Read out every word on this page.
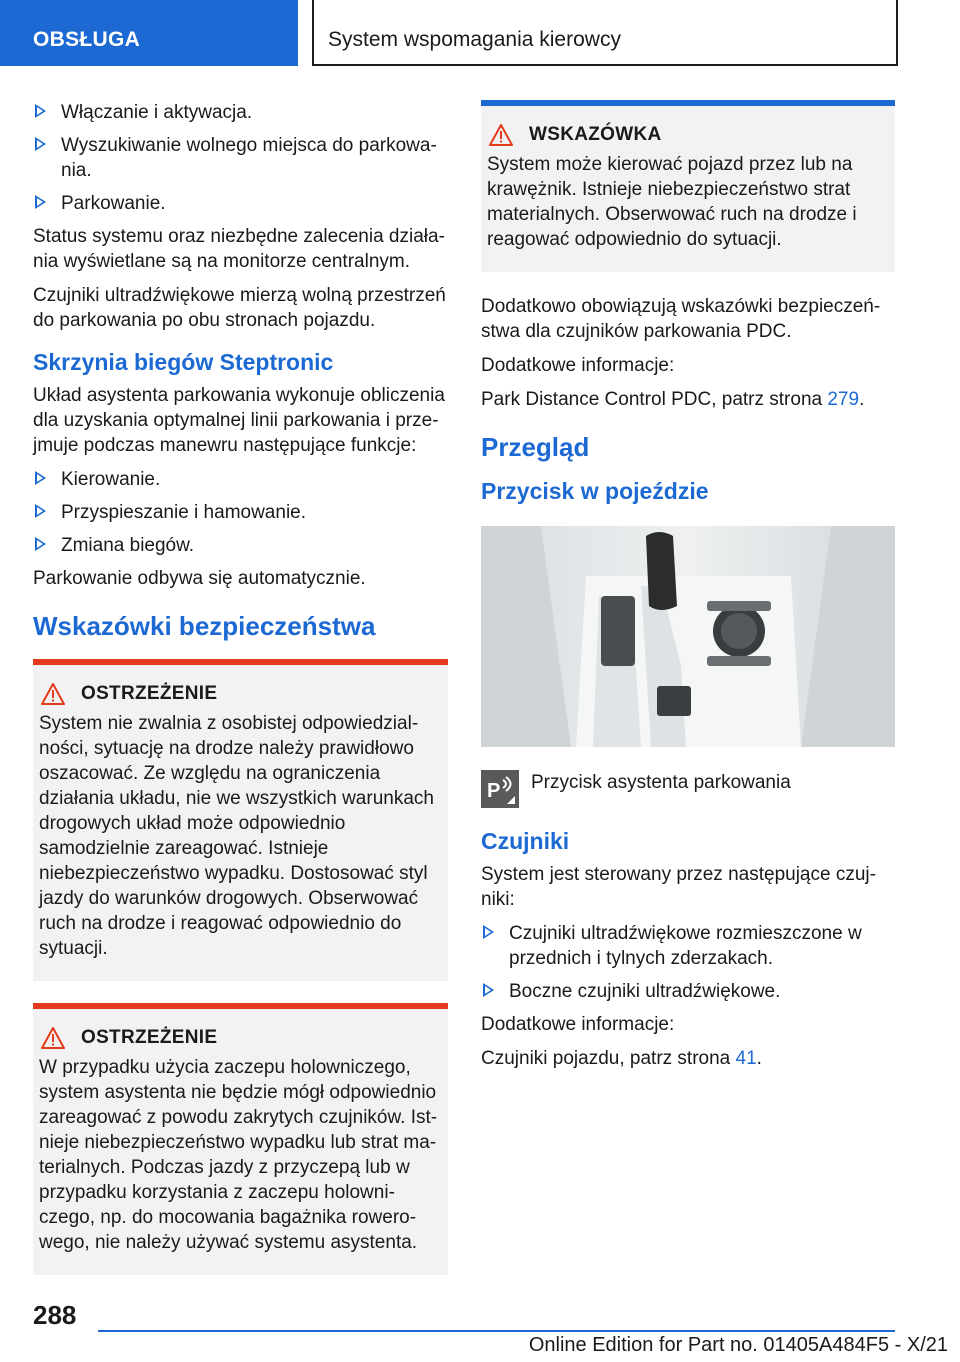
OBSŁUGA	System wspomagania kierowcy
Włączanie i aktywacja.
Wyszukiwanie wolnego miejsca do parkowania.
Parkowanie.

Status systemu oraz niezbędne zalecenia działania wyświetlane są na monitorze centralnym.

Czujniki ultradźwiękowe mierzą wolną przestrzeń do parkowania po obu stronach pojazdu.

Skrzynia biegów Steptronic

Układ asystenta parkowania wykonuje obliczenia dla uzyskania optymalnej linii parkowania i przejmuje podczas manewru następujące funkcje:

Kierowanie.
Przyspieszanie i hamowanie.
Zmiana biegów.

Parkowanie odbywa się automatycznie.

Wskazówki bezpieczeństwa
OSTRZEŻENIE

System nie zwalnia z osobistej odpowiedzialności, sytuację na drodze należy prawidłowo oszacować. Ze względu na ograniczenia działania układu, nie we wszystkich warunkach drogowych układ może odpowiednio samodzielnie zareagować. Istnieje niebezpieczeństwo wypadku. Dostosować styl jazdy do warunków drogowych. Obserwować ruch na drodze i reagować odpowiednio do sytuacji.

OSTRZEŻENIE

W przypadku użycia zaczepu holowniczego, system asystenta nie będzie mógł odpowiednio zareagować z powodu zakrytych czujników. Istnieje niebezpieczeństwo wypadku lub strat materialnych. Podczas jazdy z przyczepą lub w przypadku korzystania z zaczepu holowniczego, np. do mocowania bagażnika rowerowego, nie należy używać systemu asystenta.

WSKAZÓWKA

System może kierować pojazd przez lub na krawężnik. Istnieje niebezpieczeństwo strat materialnych. Obserwować ruch na drodze i reagować odpowiednio do sytuacji.

Dodatkowo obowiązują wskazówki bezpieczeństwa dla czujników parkowania PDC.

Dodatkowe informacje:

Park Distance Control PDC, patrz strona 279.

Przegląd
Przycisk w pojeździe
P Przycisk asystenta parkowania
Czujniki

System jest sterowany przez następujące czujniki:

Czujniki ultradźwiękowe rozmieszczone w przednich i tylnych zderzakach.
Boczne czujniki ultradźwiękowe.

Dodatkowe informacje:

Czujniki pojazdu, patrz strona 41.

288
Online Edition for Part no. 01405A484F5 - X/21
